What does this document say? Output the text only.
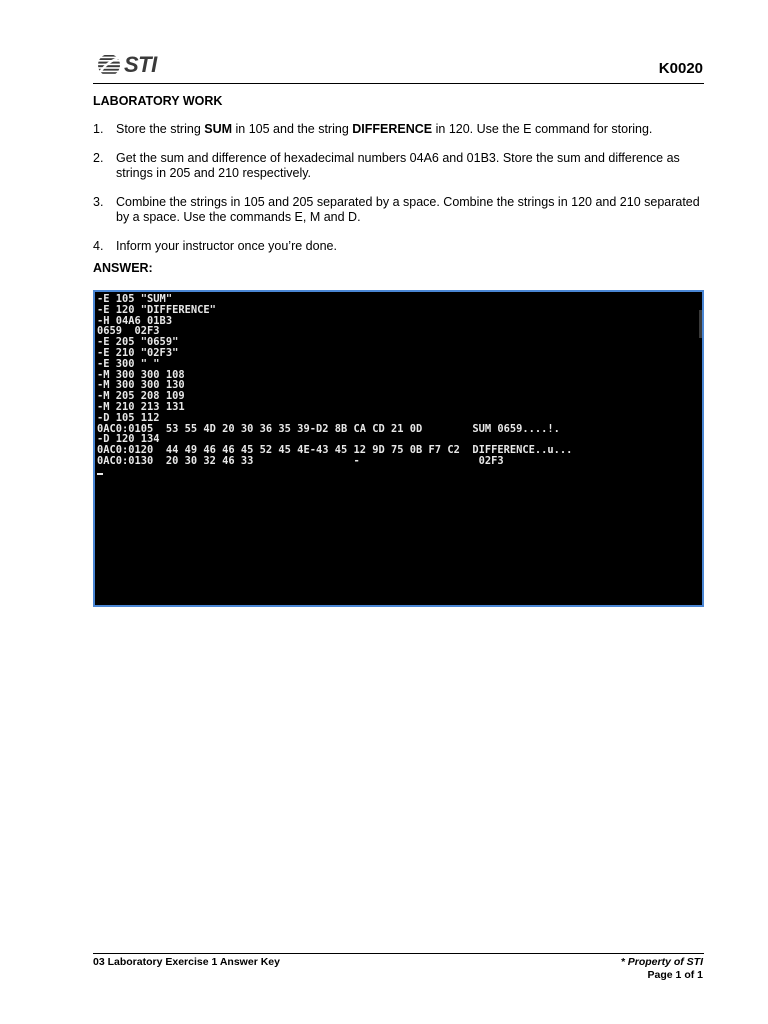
STI	K0020
LABORATORY WORK
1. Store the string SUM in 105 and the string DIFFERENCE in 120. Use the E command for storing.
2. Get the sum and difference of hexadecimal numbers 04A6 and 01B3. Store the sum and difference as strings in 205 and 210 respectively.
3. Combine the strings in 105 and 205 separated by a space. Combine the strings in 120 and 210 separated by a space. Use the commands E, M and D.
4. Inform your instructor once you’re done.
ANSWER:
-E 105 "SUM"
-E 120 "DIFFERENCE"
-H 04A6 01B3
0659  02F3
-E 205 "0659"
-E 210 "02F3"
-E 300 " "
-M 300 300 108
-M 300 300 130
-M 205 208 109
-M 210 213 131
-D 105 112
0AC0:0105  53 55 4D 20 30 36 35 39-D2 8B CA CD 21 0D        SUM 0659....!.
-D 120 134
0AC0:0120  44 49 46 46 45 52 45 4E-43 45 12 9D 75 0B F7 C2  DIFFERENCE..u...
0AC0:0130  20 30 32 46 33                -                   02F3
03 Laboratory Exercise 1 Answer Key	* Property of STI
Page 1 of 1
